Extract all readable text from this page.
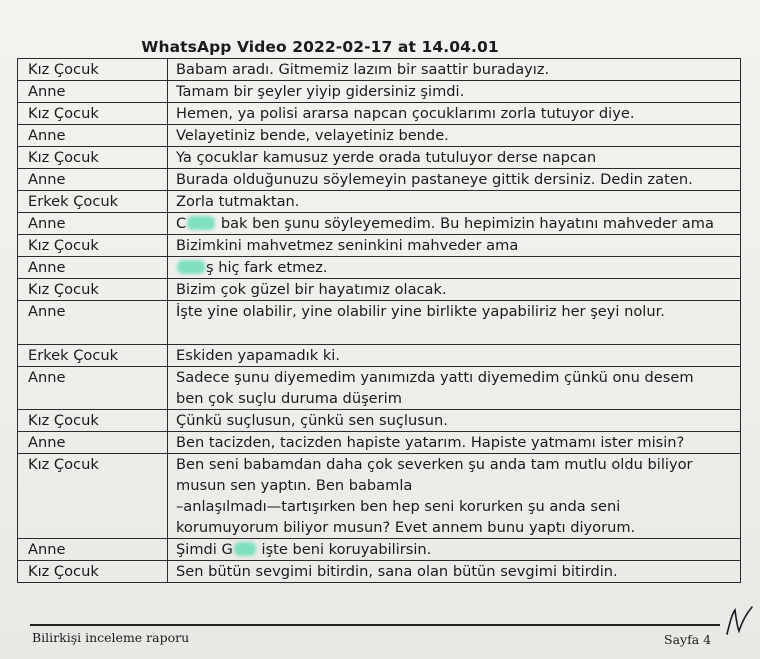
WhatsApp Video 2022-02-17 at 14.04.01
Kız Çocuk	Babam aradı. Gitmemiz lazım bir saattir buradayız.
Anne	Tamam bir şeyler yiyip gidersiniz şimdi.
Kız Çocuk	Hemen, ya polisi ararsa napcan çocuklarımı zorla tutuyor diye.
Anne	Velayetiniz bende, velayetiniz bende.
Kız Çocuk	Ya çocuklar kamusuz yerde orada tutuluyor derse napcan
Anne	Burada olduğunuzu söylemeyin pastaneye gittik dersiniz. Dedin zaten.
Erkek Çocuk	Zorla tutmaktan.
Anne	C bak ben şunu söyleyemedim. Bu hepimizin hayatını mahveder ama
Kız Çocuk	Bizimkini mahvetmez seninkini mahveder ama
Anne	ş hiç fark etmez.
Kız Çocuk	Bizim çok güzel bir hayatımız olacak.
Anne	İşte yine olabilir, yine olabilir yine birlikte yapabiliriz her şeyi nolur.
Erkek Çocuk	Eskiden yapamadık ki.
Anne	Sadece şunu diyemedim yanımızda yattı diyemedim çünkü onu desem
ben çok suçlu duruma düşerim

Kız Çocuk	Çünkü suçlusun, çünkü sen suçlusun.
Anne	Ben tacizden, tacizden hapiste yatarım. Hapiste yatmamı ister misin?
Kız Çocuk	Ben seni babamdan daha çok severken şu anda tam mutlu oldu biliyor
musun sen yaptın. Ben babamla
–anlaşılmadı—tartışırken ben hep seni korurken şu anda seni
korumuyorum biliyor musun? Evet annem bunu yaptı diyorum.

Anne	Şimdi G işte beni koruyabilirsin.
Kız Çocuk	Sen bütün sevgimi bitirdin, sana olan bütün sevgimi bitirdin.
Bilirkişi inceleme raporu	Sayfa 4
